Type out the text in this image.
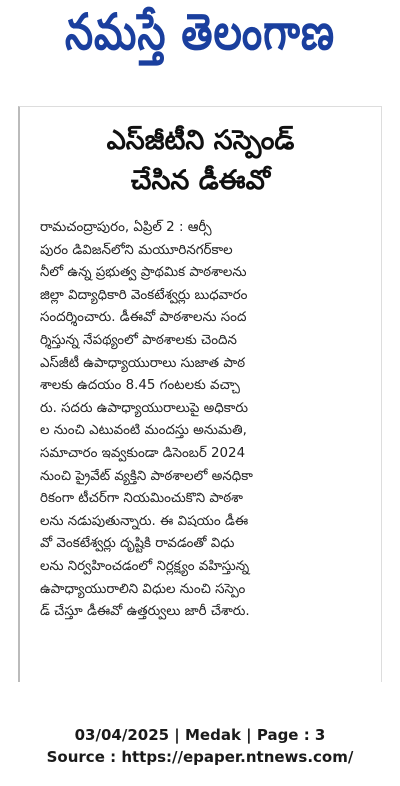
నమస్తే తెలంగాణ
ఎస్‌జీటీని సస్పెండ్
చేసిన డీఈవో
రామచంద్రాపురం, ఏప్రిల్ 2 : ఆర్సీ
పురం డివిజన్‌లోని మయూరినగర్‌కాల
నీలో ఉన్న ప్రభుత్వ ప్రాథమిక పాఠశాలను
జిల్లా విద్యాధికారి వెంకటేశ్వర్లు బుధవారం
సందర్శించారు. డీఈవో పాఠశాలను సంద
ర్శిస్తున్న నేపథ్యంలో పాఠశాలకు చెందిన
ఎస్‌జీటీ ఉపాధ్యాయురాలు సుజాత పాఠ
శాలకు ఉదయం 8.45 గంటలకు వచ్చా
రు. సదరు ఉపాధ్యాయురాలుపై అధికారు
ల నుంచి ఎటువంటి మందస్తు అనుమతి,
సమాచారం ఇవ్వకుండా డిసెంబర్ 2024
నుంచి ప్రైవేట్ వ్యక్తిని పాఠశాలలో అనధికా
రికంగా టీచర్‌గా నియమించుకొని పాఠశా
లను నడుపుతున్నారు. ఈ విషయం డీఈ
వో వెంకటేశ్వర్లు దృష్టికి రావడంతో విధు
లను నిర్వహించడంలో నిర్లక్ష్యం వహిస్తున్న
ఉపాధ్యాయురాలిని విధుల నుంచి సస్పెం
డ్ చేస్తూ డీఈవో ఉత్తర్వులు జారీ చేశారు.
03/04/2025 | Medak | Page : 3
Source : https://epaper.ntnews.com/
